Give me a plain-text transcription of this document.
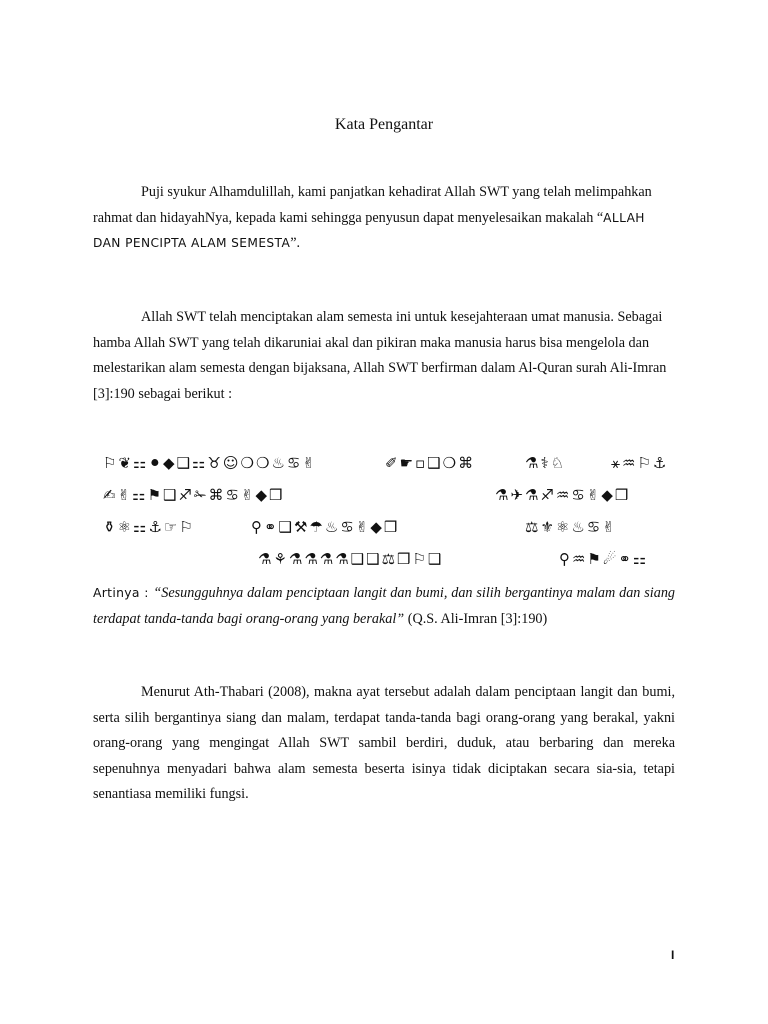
Kata Pengantar

Puji syukur Alhamdulillah, kami panjatkan kehadirat Allah SWT yang telah melimpahkan rahmat dan hidayahNya, kepada kami sehingga penyusun dapat menyelesaikan makalah “ALLAH DAN PENCIPTA ALAM SEMESTA”.

Allah SWT telah menciptakan alam semesta ini untuk kesejahteraan umat manusia. Sebagai hamba Allah SWT yang telah dikaruniai akal dan pikiran maka manusia harus bisa mengelola dan melestarikan alam semesta dengan bijaksana, Allah SWT berfirman dalam Al-Quran surah Ali-Imran [3]:190 sebagai berikut :

⚐❦⚏⚫◆❑⚏♉☺❍❍♨♋✌	✐☛▫❑❍⌘	⚗⚕♘	⚹♒⚐⚓
✍✌⚏⚑❑♐✁⌘♋✌◆❒	⚗✈⚗♐♒♋✌◆❒
⚱⚛⚏⚓☞⚐	⚲⚭❑⚒☂♨♋✌◆❒	⚖⚜⚛♨♋✌
⚗⚘⚗⚗⚗⚗❑❑⚖❒⚐❑	⚲♒⚑☄⚭⚏

Artinya : “Sesungguhnya dalam penciptaan langit dan bumi, dan silih bergantinya malam dan siang terdapat tanda-tanda bagi orang-orang yang berakal” (Q.S. Ali-Imran [3]:190)

Menurut Ath-Thabari (2008), makna ayat tersebut adalah dalam penciptaan langit dan bumi, serta silih bergantinya siang dan malam, terdapat tanda-tanda bagi orang-orang yang berakal, yakni orang-orang yang mengingat Allah SWT sambil berdiri, duduk, atau berbaring dan mereka sepenuhnya menyadari bahwa alam semesta beserta isinya tidak diciptakan secara sia-sia, tetapi senantiasa memiliki fungsi.

I
